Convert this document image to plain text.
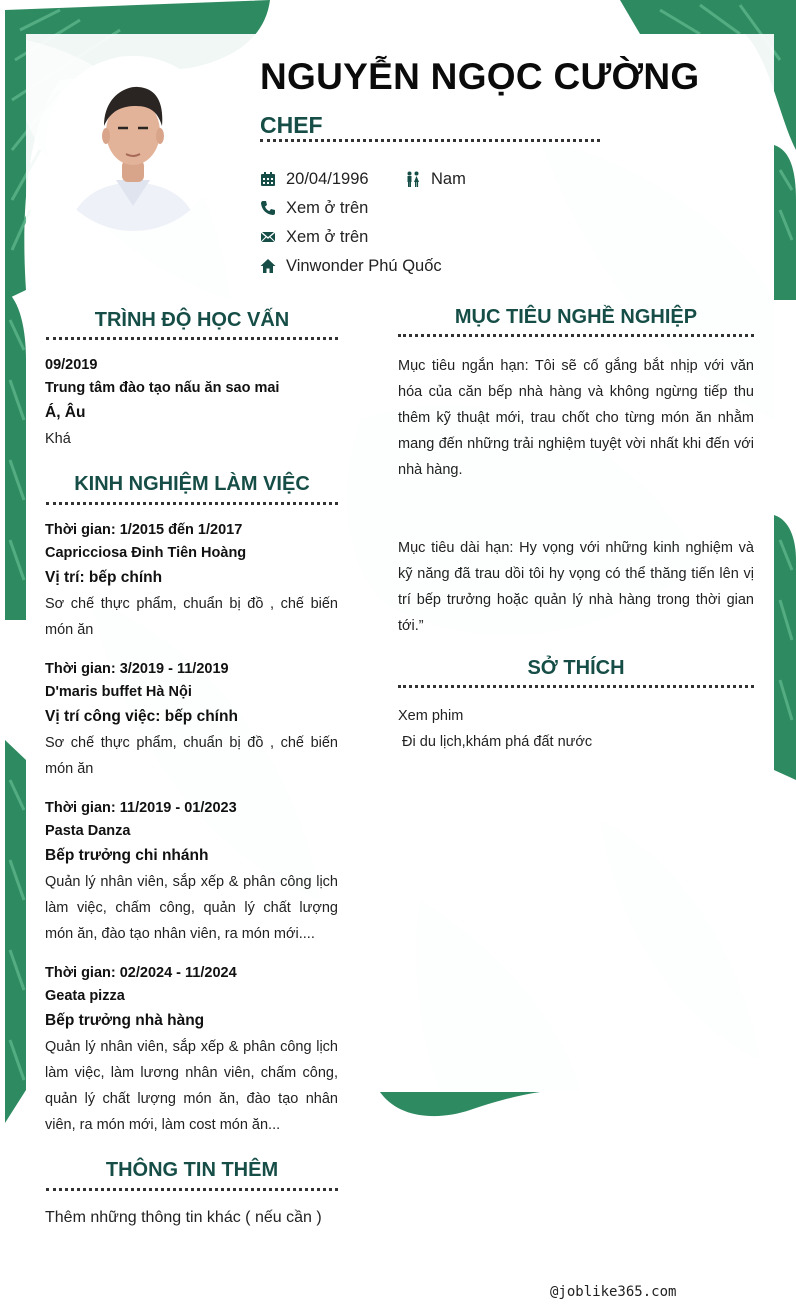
NGUYỄN NGỌC CƯỜNG
CHEF
20/04/1996	Nam
Xem ở trên
Xem ở trên
Vinwonder Phú Quốc
TRÌNH ĐỘ HỌC VẤN
09/2019
Trung tâm đào tạo nấu ăn sao mai
Á, Âu
Khá
KINH NGHIỆM LÀM VIỆC
Thời gian: 1/2015 đến 1/2017
Capricciosa Đinh Tiên Hoàng
Vị trí: bếp chính
Sơ chế thực phẩm, chuẩn bị đồ , chế biến món ăn
Thời gian: 3/2019 - 11/2019
D'maris buffet Hà Nội
Vị trí công việc: bếp chính
Sơ chế thực phẩm, chuẩn bị đồ , chế biến món ăn
Thời gian: 11/2019 - 01/2023
Pasta Danza
Bếp trưởng chi nhánh
Quản lý nhân viên, sắp xếp & phân công lịch làm việc, chấm công, quản lý chất lượng món ăn, đào tạo nhân viên, ra món mới....
Thời gian: 02/2024 - 11/2024
Geata pizza
Bếp trưởng nhà hàng
Quản lý nhân viên, sắp xếp & phân công lịch làm việc, làm lương nhân viên, chấm công, quản lý chất lượng món ăn, đào tạo nhân viên, ra món mới, làm cost món ăn...
THÔNG TIN THÊM
Thêm những thông tin khác ( nếu cần )
MỤC TIÊU NGHỀ NGHIỆP
Mục tiêu ngắn hạn: Tôi sẽ cố gắng bắt nhịp với văn hóa của căn bếp nhà hàng và không ngừng tiếp thu thêm kỹ thuật mới, trau chốt cho từng món ăn nhằm mang đến những trải nghiệm tuyệt vời nhất khi đến với nhà hàng.
Mục tiêu dài hạn: Hy vọng với những kinh nghiệm và kỹ năng đã trau dồi tôi hy vọng có thể thăng tiến lên vị trí bếp trưởng hoặc quản lý nhà hàng trong thời gian tới.”
SỞ THÍCH
Xem phim
Đi du lịch,khám phá đất nước
@joblike365.com
